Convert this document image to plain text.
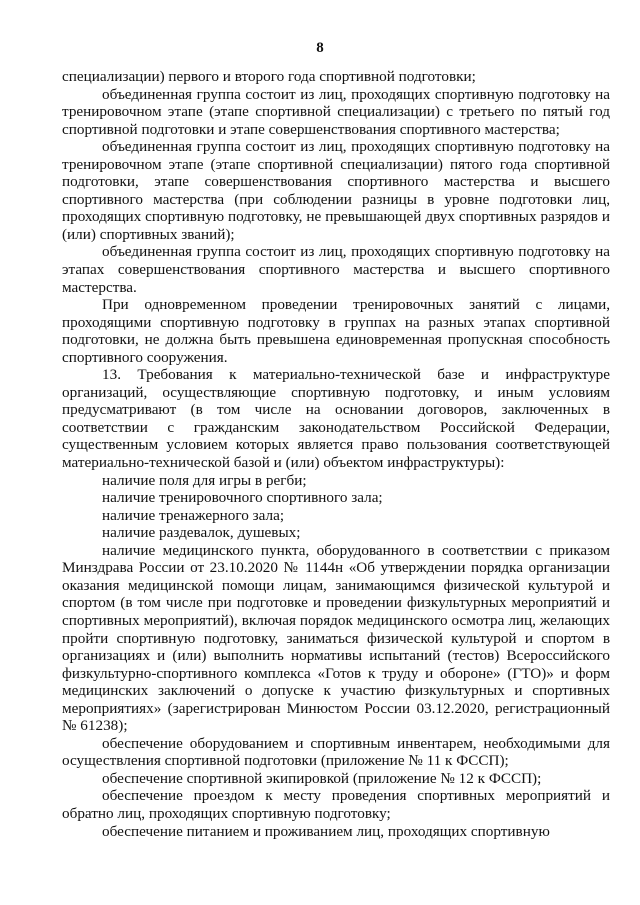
8

специализации) первого и второго года спортивной подготовки;

объединенная группа состоит из лиц, проходящих спортивную подготовку на тренировочном этапе (этапе спортивной специализации) с третьего по пятый год спортивной подготовки и этапе совершенствования спортивного мастерства;

объединенная группа состоит из лиц, проходящих спортивную подготовку на тренировочном этапе (этапе спортивной специализации) пятого года спортивной подготовки, этапе совершенствования спортивного мастерства и высшего спортивного мастерства (при соблюдении разницы в уровне подготовки лиц, проходящих спортивную подготовку, не превышающей двух спортивных разрядов и (или) спортивных званий);

объединенная группа состоит из лиц, проходящих спортивную подготовку на этапах совершенствования спортивного мастерства и высшего спортивного мастерства.

При одновременном проведении тренировочных занятий с лицами, проходящими спортивную подготовку в группах на разных этапах спортивной подготовки, не должна быть превышена единовременная пропускная способность спортивного сооружения.

13. Требования к материально-технической базе и инфраструктуре организаций, осуществляющие спортивную подготовку, и иным условиям предусматривают (в том числе на основании договоров, заключенных в соответствии с гражданским законодательством Российской Федерации, существенным условием которых является право пользования соответствующей материально-технической базой и (или) объектом инфраструктуры):

наличие поля для игры в регби;

наличие тренировочного спортивного зала;

наличие тренажерного зала;

наличие раздевалок, душевых;

наличие медицинского пункта, оборудованного в соответствии с приказом Минздрава России от 23.10.2020 № 1144н «Об утверждении порядка организации оказания медицинской помощи лицам, занимающимся физической культурой и спортом (в том числе при подготовке и проведении физкультурных мероприятий и спортивных мероприятий), включая порядок медицинского осмотра лиц, желающих пройти спортивную подготовку, заниматься физической культурой и спортом в организациях и (или) выполнить нормативы испытаний (тестов) Всероссийского физкультурно-спортивного комплекса «Готов к труду и обороне» (ГТО)» и форм медицинских заключений о допуске к участию физкультурных и спортивных мероприятиях» (зарегистрирован Минюстом России 03.12.2020, регистрационный № 61238);

обеспечение оборудованием и спортивным инвентарем, необходимыми для осуществления спортивной подготовки (приложение № 11 к ФССП);

обеспечение спортивной экипировкой (приложение № 12 к ФССП);

обеспечение проездом к месту проведения спортивных мероприятий и обратно лиц, проходящих спортивную подготовку;

обеспечение питанием и проживанием лиц, проходящих спортивную
